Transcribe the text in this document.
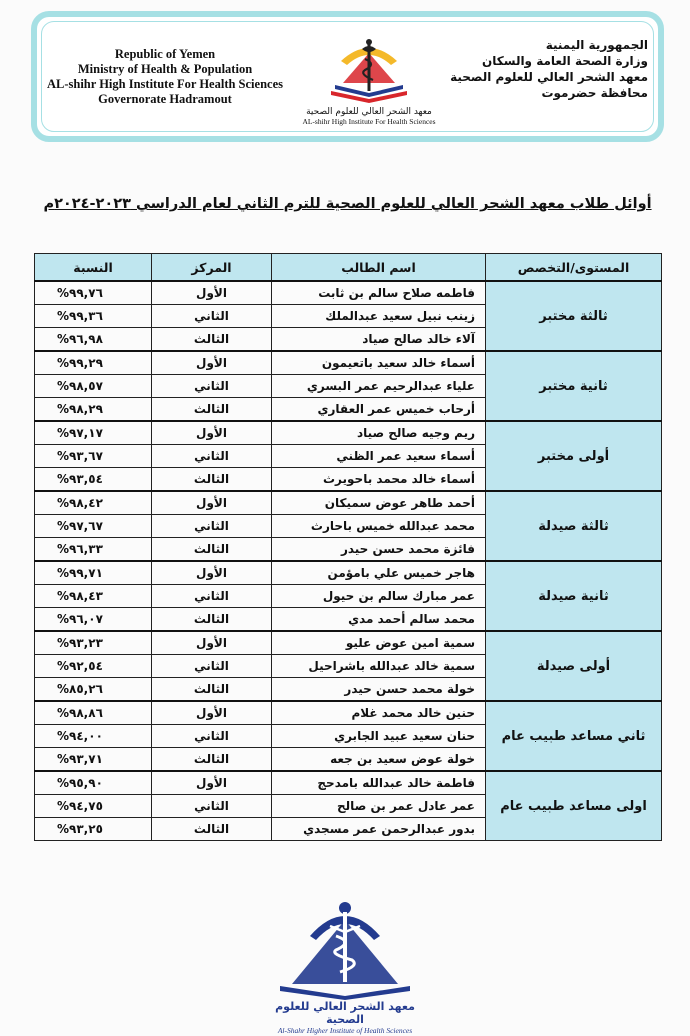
Republic of Yemen
Ministry of Health & Population
AL-shihr High Institute For Health Sciences
Governorate Hadramout
معهد الشحر العالي للعلوم الصحية
AL-shihr High Institute For Health Sciences
الجمهورية اليمنية
وزارة الصحة العامة والسكان
معهد الشحر العالي للعلوم الصحية
محافظة حضرموت
أوائل طلاب معهد الشحر العالي للعلوم الصحية للترم الثاني لعام الدراسي ٢٠٢٣-٢٠٢٤م
المستوى/التخصص	اسم الطالب	المركز	النسبة
ثالثة مختبر	فاطمه صلاح سالم بن ثابت	الأول	%٩٩,٧٦
	زينب نبيل سعيد عبدالملك	الثاني	%٩٩,٣٦
	آلاء خالد صالح صياد	الثالث	%٩٦,٩٨
ثانية مختبر	أسماء خالد سعيد باتعيمون	الأول	%٩٩,٢٩
	علياء عبدالرحيم عمر البسري	الثاني	%٩٨,٥٧
	أرحاب خميس عمر العقاري	الثالث	%٩٨,٢٩
أولى مختبر	ريم وجيه صالح صياد	الأول	%٩٧,١٧
	أسماء سعيد عمر الظني	الثاني	%٩٣,٦٧
	أسماء خالد محمد باحويرث	الثالث	%٩٣,٥٤
ثالثة صيدلة	أحمد طاهر عوض سميكان	الأول	%٩٨,٤٢
	محمد عبدالله خميس باحارث	الثاني	%٩٧,٦٧
	فائزة محمد حسن حيدر	الثالث	%٩٦,٣٣
ثانية صيدلة	هاجر خميس علي بامؤمن	الأول	%٩٩,٧١
	عمر مبارك سالم بن حيول	الثاني	%٩٨,٤٣
	محمد سالم أحمد مدي	الثالث	%٩٦,٠٧
أولى صيدلة	سمية امين عوض عليو	الأول	%٩٣,٢٣
	سمية خالد عبدالله باشراحيل	الثاني	%٩٢,٥٤
	خولة محمد حسن حيدر	الثالث	%٨٥,٢٦
ثاني مساعد طبيب عام	حنين خالد محمد غلام	الأول	%٩٨,٨٦
	حنان سعيد عبيد الجابري	الثاني	%٩٤,٠٠
	خولة عوض سعيد بن جعه	الثالث	%٩٣,٧١
اولى مساعد طبيب عام	فاطمة خالد عبدالله بامدحج	الأول	%٩٥,٩٠
	عمر عادل عمر بن صالح	الثاني	%٩٤,٧٥
	بدور عبدالرحمن عمر مسجدي	الثالث	%٩٣,٢٥
معهد الشحر العالي للعلوم الصحية
Al-Shahr Higher Institute of Health Sciences
